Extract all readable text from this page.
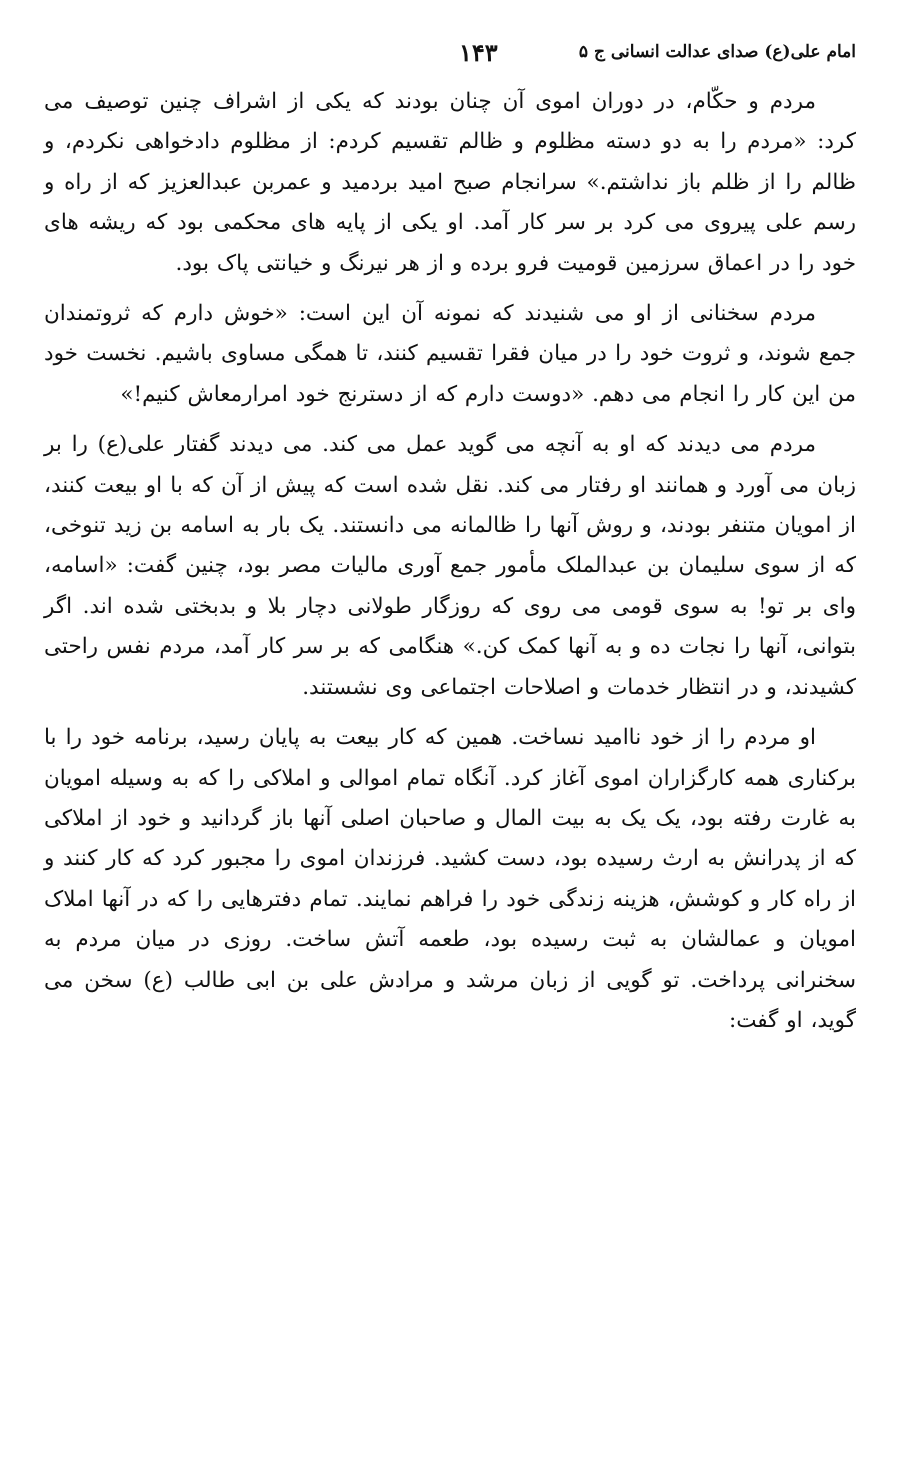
امام علی(ع) صدای عدالت انسانی ج ۵
۱۴۳

مردم و حکّام، در دوران اموی آن چنان بودند که یکی از اشراف چنین توصیف می کرد: «مردم را به دو دسته مظلوم و ظالم تقسیم کردم: از مظلوم دادخواهی نکردم، و ظالم را از ظلم باز نداشتم.» سرانجام صبح امید بردمید و عمربن عبدالعزیز که از راه و رسم علی پیروی می کرد بر سر کار آمد. او یکی از پایه های محکمی بود که ریشه های خود را در اعماق سرزمین قومیت فرو برده و از هر نیرنگ و خیانتی پاک بود.

مردم سخنانی از او می شنیدند که نمونه آن این است: «خوش دارم که ثروتمندان جمع شوند، و ثروت خود را در میان فقرا تقسیم کنند، تا همگی مساوی باشیم. نخست خود من این کار را انجام می دهم. «دوست دارم که از دسترنج خود امرارمعاش کنیم!»

مردم می دیدند که او به آنچه می گوید عمل می کند. می دیدند گفتار علی(ع) را بر زبان می آورد و همانند او رفتار می کند. نقل شده است که پیش از آن که با او بیعت کنند، از امویان متنفر بودند، و روش آنها را ظالمانه می دانستند. یک بار به اسامه بن زید تنوخی، که از سوی سلیمان بن عبدالملک مأمور جمع آوری مالیات مصر بود، چنین گفت: «اسامه، وای بر تو! به سوی قومی می روی که روزگار طولانی دچار بلا و بدبختی شده اند. اگر بتوانی، آنها را نجات ده و به آنها کمک کن.» هنگامی که بر سر کار آمد، مردم نفس راحتی کشیدند، و در انتظار خدمات و اصلاحات اجتماعی وی نشستند.

او مردم را از خود ناامید نساخت. همین که کار بیعت به پایان رسید، برنامه خود را با برکناری همه کارگزاران اموی آغاز کرد. آنگاه تمام اموالی و املاکی را که به وسیله امویان به غارت رفته بود، یک یک به بیت المال و صاحبان اصلی آنها باز گردانید و خود از املاکی که از پدرانش به ارث رسیده بود، دست کشید. فرزندان اموی را مجبور کرد که کار کنند و از راه کار و کوشش، هزینه زندگی خود را فراهم نمایند. تمام دفترهایی را که در آنها املاک امویان و عمالشان به ثبت رسیده بود، طعمه آتش ساخت. روزی در میان مردم به سخنرانی پرداخت. تو گویی از زبان مرشد و مرادش علی بن ابی طالب (ع) سخن می گوید، او گفت:
